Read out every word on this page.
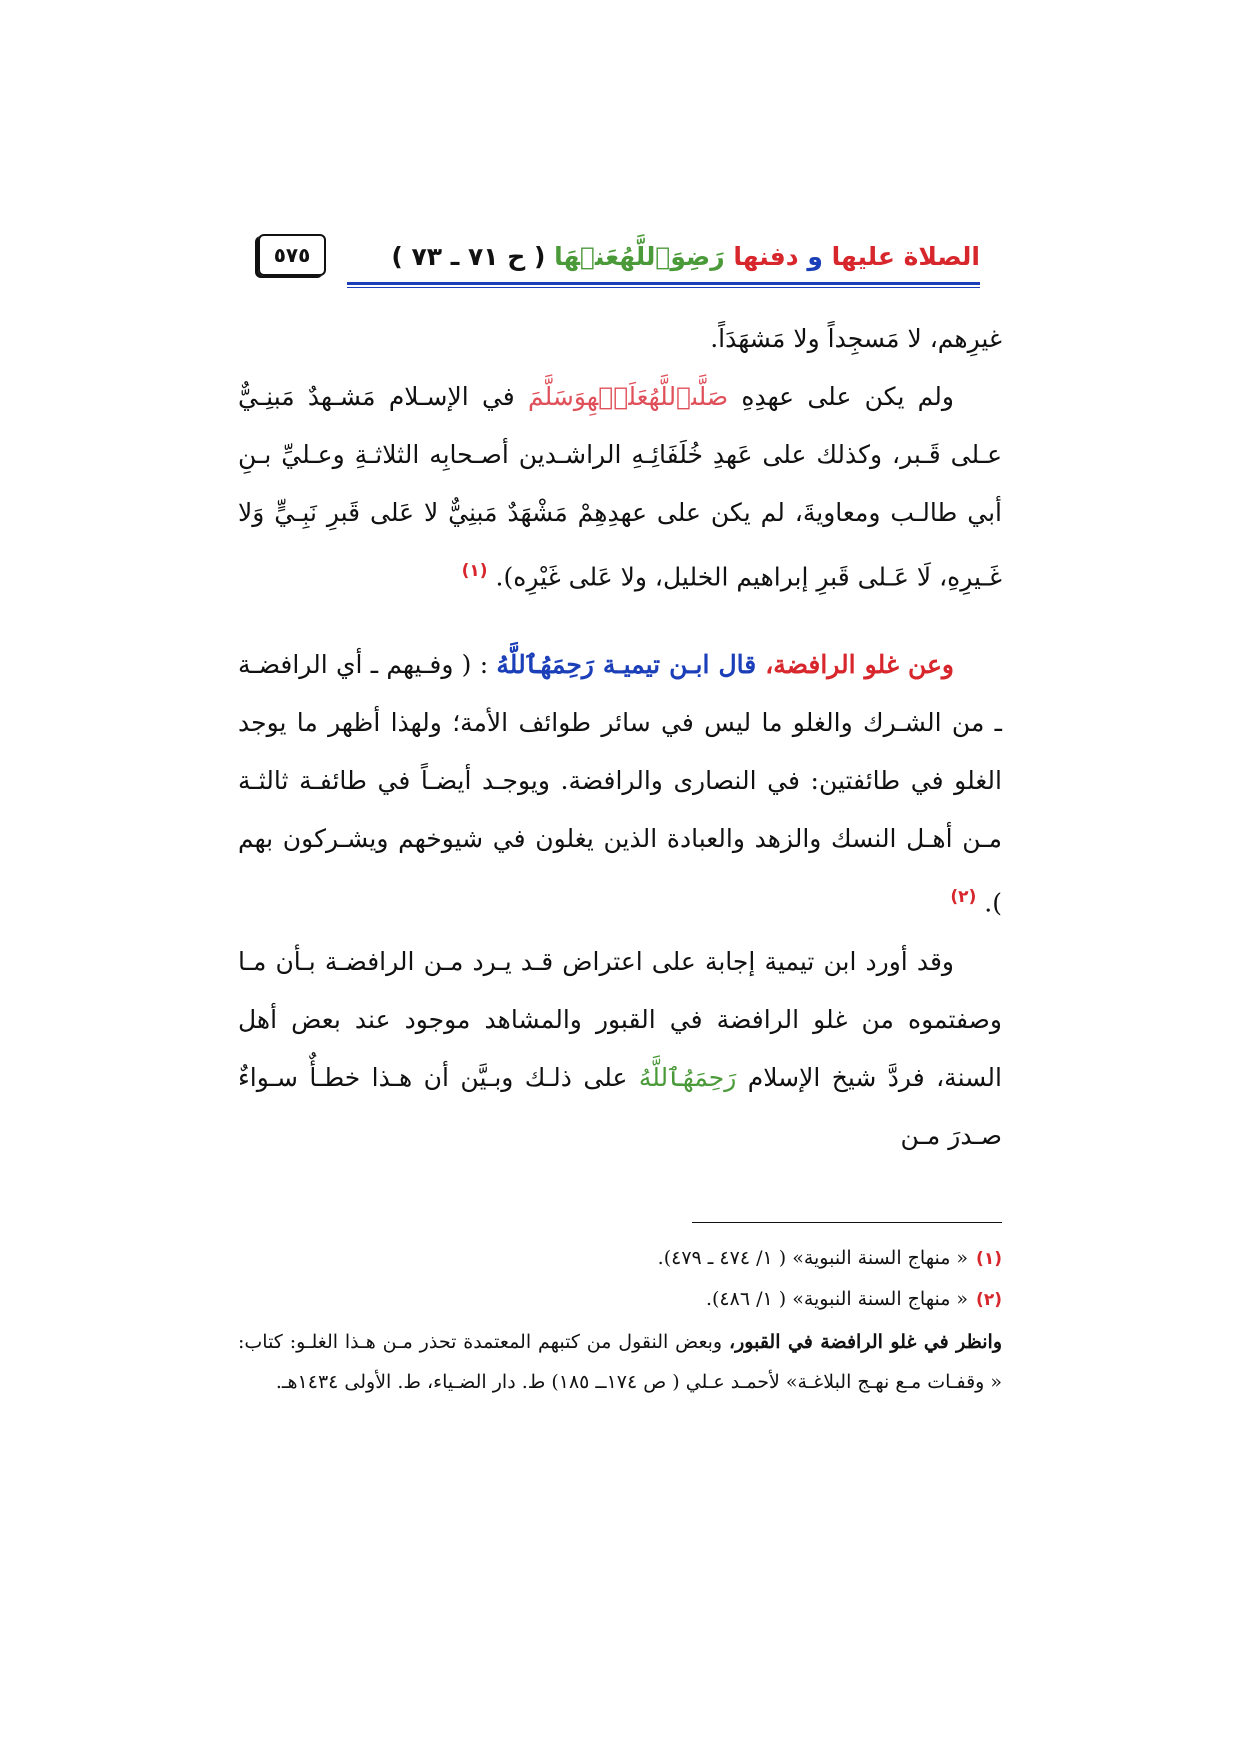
الصلاة عليها و دفنها رَضِوَٱللَّهُعَنۡهَا ( ح ٧١ ـ ٧٣ )
٥٧٥

غيرِهم، لا مَسجِداً ولا مَشهَدَاً.

ولم يكن على عهدِهِ صَلَّىٱللَّهُعَلَيۡهِوَسَلَّمَ في الإسـلام مَشـهدٌ مَبنِـيٌّ عـلى قَـبر، وكذلك على عَهدِ خُلَفَائِـهِ الراشـدين أصـحابِه الثلاثـةِ وعـليِّ بـنِ أبي طالـب ومعاويةَ، لم يكن على عهدِهِمْ مَشْهَدٌ مَبنِيٌّ لا عَلى قَبرِ نَبِـيٍّ وَلا غَـيرِهِ، لَا عَـلى قَبرِ إبراهيم الخليل، ولا عَلى غَيْرِه). $^{(١)}$

وعن غلو الرافضة، قال ابـن تيميـة رَحِمَهُٱللَّهُ : ( وفـيهم ـ أي الرافضـة ـ من الشـرك والغلو ما ليس في سائر طوائف الأمة؛ ولهذا أظهر ما يوجد الغلو في طائفتين: في النصارى والرافضة. ويوجـد أيضـاً في طائفـة ثالثـة مـن أهـل النسك والزهد والعبادة الذين يغلون في شيوخهم ويشـركون بهم ). $^{(٢)}$

وقد أورد ابن تيمية إجابة على اعتراض قـد يـرد مـن الرافضـة بـأن مـا وصفتموه من غلو الرافضة في القبور والمشاهد موجود عند بعض أهل السنة، فردَّ شيخ الإسلام رَحِمَهُٱللَّهُ على ذلـك وبـيَّن أن هـذا خطـأٌ سـواءٌ صـدرَ مـن

(١)« منهاج السنة النبوية» ( ١/ ٤٧٤ ـ ٤٧٩).

(٢)« منهاج السنة النبوية» ( ١/ ٤٨٦).

وانظر في غلو الرافضة في القبور، وبعض النقول من كتبهم المعتمدة تحذر مـن هـذا الغلـو: كتاب: « وقفـات مـع نهـج البلاغـة» لأحمـد عـلي ( ص ١٧٤ــ ١٨٥) ط. دار الضـياء، ط. الأولى ١٤٣٤هـ.
